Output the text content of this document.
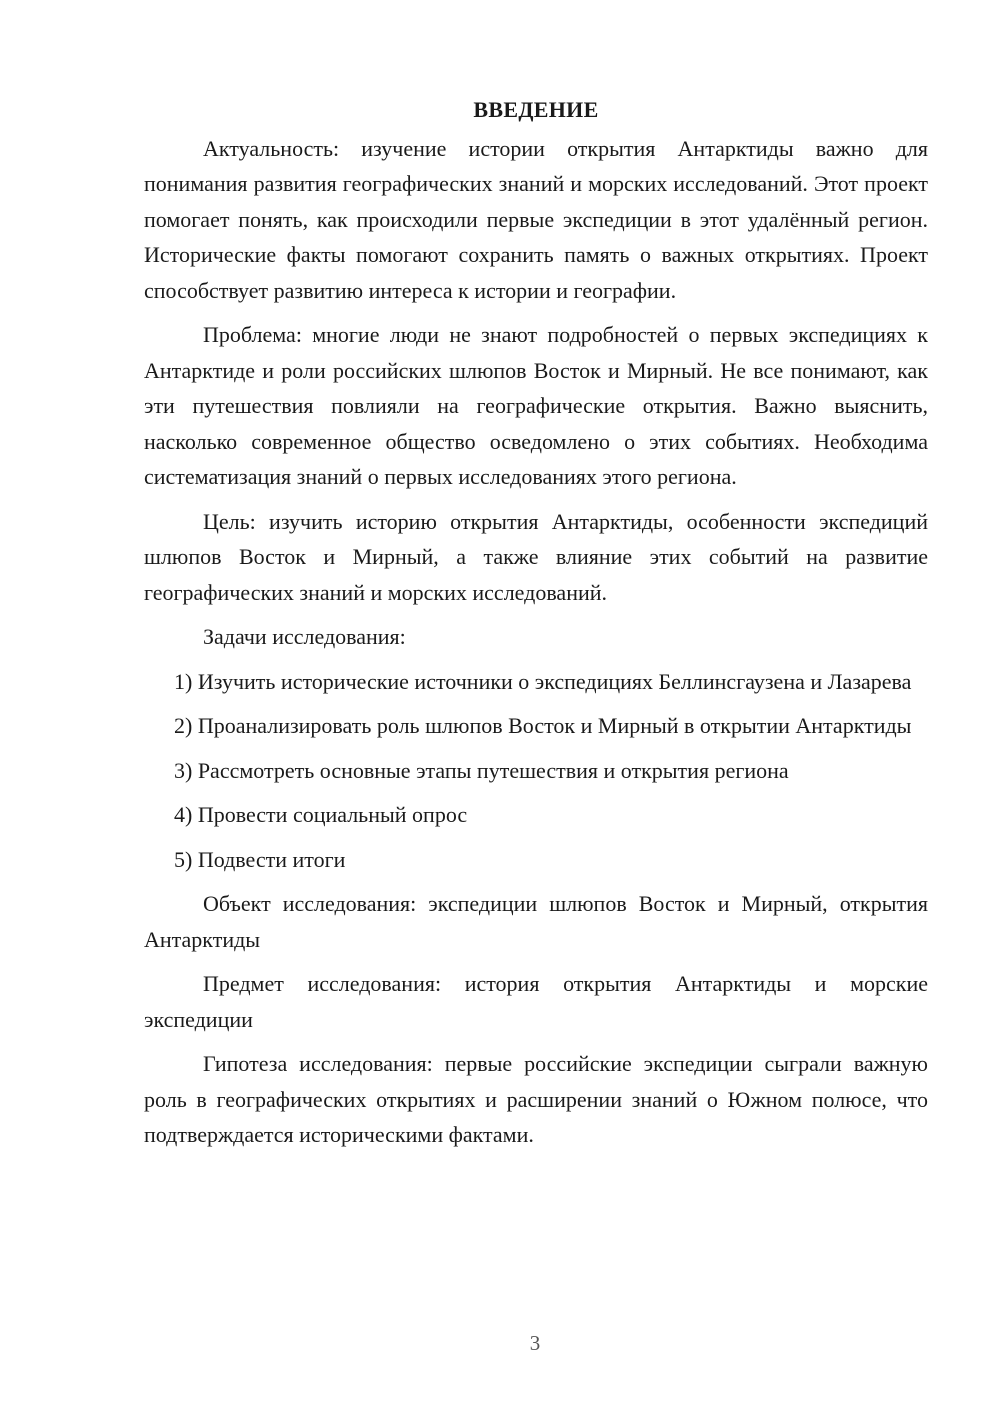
ВВЕДЕНИЕ

Актуальность: изучение истории открытия Антарктиды важно для понимания развития географических знаний и морских исследований. Этот проект помогает понять, как происходили первые экспедиции в этот удалённый регион. Исторические факты помогают сохранить память о важных открытиях. Проект способствует развитию интереса к истории и географии.

Проблема: многие люди не знают подробностей о первых экспедициях к Антарктиде и роли российских шлюпов Восток и Мирный. Не все понимают, как эти путешествия повлияли на географические открытия. Важно выяснить, насколько современное общество осведомлено о этих событиях. Необходима систематизация знаний о первых исследованиях этого региона.

Цель: изучить историю открытия Антарктиды, особенности экспедиций шлюпов Восток и Мирный, а также влияние этих событий на развитие географических знаний и морских исследований.

Задачи исследования:

1) Изучить исторические источники о экспедициях Беллинсгаузена и Лазарева

2) Проанализировать роль шлюпов Восток и Мирный в открытии Антарктиды

3) Рассмотреть основные этапы путешествия и открытия региона

4) Провести социальный опрос

5) Подвести итоги

Объект исследования: экспедиции шлюпов Восток и Мирный, открытия Антарктиды

Предмет исследования: история открытия Антарктиды и морские экспедиции

Гипотеза исследования: первые российские экспедиции сыграли важную роль в географических открытиях и расширении знаний о Южном полюсе, что подтверждается историческими фактами.

3
